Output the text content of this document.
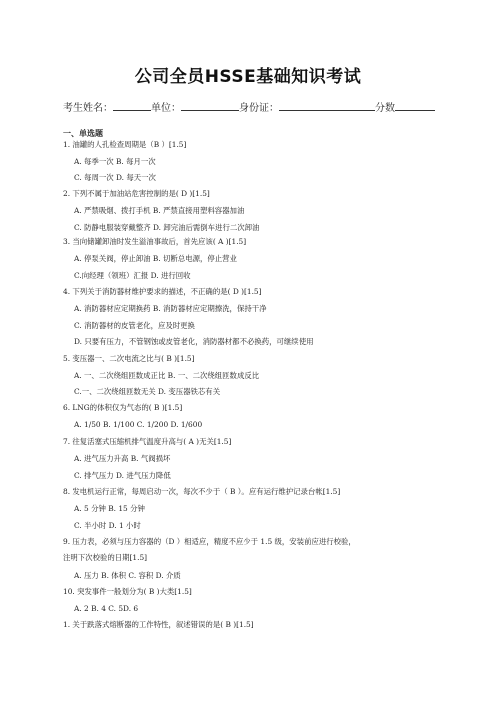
公司全员HSSE基础知识考试
考生姓名：	单位：	身份证：	分数
一、单选题
1. 油罐的人孔检查周期是（B ）[1.5]
A. 每季一次 B. 每月一次
C. 每周一次 D. 每天一次
2. 下列不属于加油站危害控制的是( D )[1.5]
A. 严禁吸烟、拨打手机 B. 严禁直接用塑料容器加油
C. 防静电服装穿戴整齐 D. 卸完油后需倒车进行二次卸油
3. 当向储罐卸油时发生溢油事故后，首先应该( A )[1.5]
A. 停泵关阀，停止卸油 B. 切断总电源，停止营业
C.向经理（领班）汇报 D. 进行回收
4. 下列关于消防器材维护要求的描述，不正确的是( D )[1.5]
A. 消防器材应定期换药 B. 消防器材应定期擦洗，保持干净
C. 消防器材的皮管老化，应及时更换
D. 只要有压力，不管钢蚀或皮管老化，消防器材都不必换药，可继续使用
5. 变压器一、二次电流之比与( B )[1.5]
A. 一、二次绕组匝数成正比 B. 一、二次绕组匝数成反比
C.一、二次绕组匝数无关 D. 变压器铁芯有关
6. LNG的体积仅为气态的( B )[1.5]
A. 1/50 B. 1/100 C. 1/200 D. 1/600
7. 往复活塞式压缩机排气温度升高与( A )无关[1.5]
A. 进气压力升高 B. 气阀损坏
C. 排气压力 D. 进气压力降低
8. 发电机运行正常，每周启动一次，每次不少于（ B ）。应有运行维护记录台帐[1.5]
A. 5 分钟 B. 15 分钟
C. 半小时 D. 1 小时
9. 压力表，必须与压力容器的（D ）相适应，精度不应少于 1.5 级，安装前应进行校验，
注明下次校验的日期[1.5]
A. 压力 B. 体积 C. 容积 D. 介质
10. 突发事件一般划分为( B )大类[1.5]
A. 2 B. 4 C. 5D. 6
1. 关于跌落式熔断器的工作特性，叙述错误的是( B )[1.5]
